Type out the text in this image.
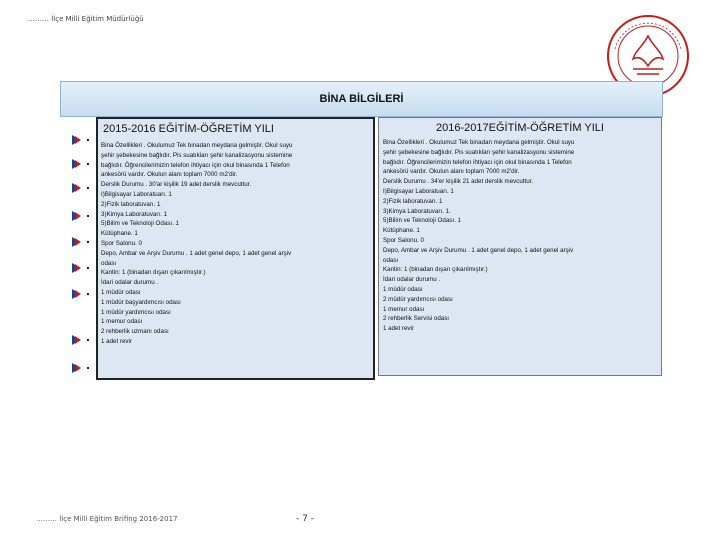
……… İlçe Milli Eğitim Müdürlüğü
BİNA BİLGİLERİ
2015-2016 EĞİTİM-ÖĞRETİM YILI
Bina Özellikleri . Okulumuz Tek binadan meydana gelmiştir. Okul suyu
şehir şebekesine bağlıdır. Pis suatıkları şehir kanalizasyonu sistemine
bağlıdır. Öğrencilerimizin telefon ihtiyacı için okul binasında 1 Telefon
ankesörü vardır. Okulun alanı toplam 7000 m2'dir.
Derslik Durumu . 30'ar kişilik 19 adet derslik mevcuttur.
I)Bilgisayar Laboratuarı. 1
2)Fizik laboratuvarı. 1
3)Kimya Laboratuvarı. 1
5)Bilim ve Teknoloji Odası. 1
Kütüphane. 1
Spor Salonu. 0
Depo, Ambar ve Arşiv Durumu . 1 adet genel depo, 1 adet genel arşiv
odası
Kantin: 1 (binadan dışarı çıkarılmıştır.)
İdari odalar durumu .
1 müdür odası
1 müdür başyardımcısı odası
1 müdür yardımcısı odası
1 memur odası
2 rehberlik uzmanı odası
1 adet revir
2016-2017EĞİTİM-ÖĞRETİM YILI
Bina Özellikleri . Okulumuz Tek binadan meydana gelmiştir. Okul suyu
şehir şebekesine bağlıdır. Pis suatıkları şehir kanalizasyonu sistemine
bağlıdır. Öğrencilerimizin telefon ihtiyacı için okul binasında 1 Telefon
ankesörü vardır. Okulun alanı toplam 7000 m2'dir.
Derslik Durumu . 34'er kişilik 21 adet derslik mevcuttur.
I)Bilgisayar Laboratuarı. 1
2)Fizik laboratuvarı. 1
3)Kimya Laboratuvarı. 1.
5)Bilim ve Teknoloji Odası. 1
Kütüphane. 1
Spor Salonu. 0
Depo, Ambar ve Arşiv Durumu . 1 adet genel depo, 1 adet genel arşiv
odası
Kantin: 1 (binadan dışarı çıkarılmıştır.)
İdari odalar durumu .
1 müdür odası
2 müdür yardımcısı odası
1 memur odası
2 rehberlik Servisi odası
1 adet revir
……… İlçe Milli Eğitim Brifing 2016-2017	- 7 -
